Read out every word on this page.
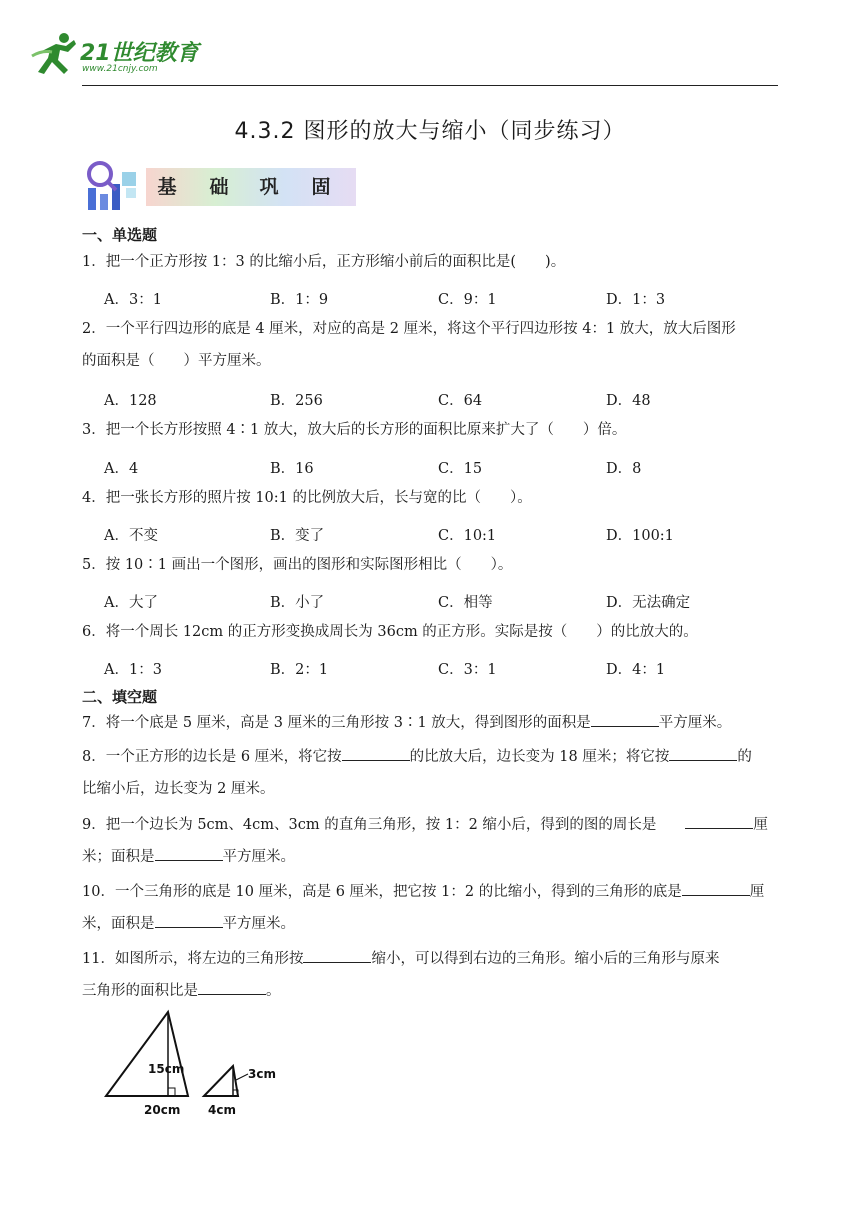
21世纪教育
www.21cnjy.com
4.3.2 图形的放大与缩小（同步练习）
基 础 巩 固
一、单选题
1．把一个正方形按 1：3 的比缩小后，正方形缩小前后的面积比是(　　)。
A．3：1	B．1：9	C．9：1	D．1：3
2．一个平行四边形的底是 4 厘米，对应的高是 2 厘米，将这个平行四边形按 4：1 放大，放大后图形
的面积是（　　）平方厘米。
A．128	B．256	C．64	D．48
3．把一个长方形按照 4∶1 放大，放大后的长方形的面积比原来扩大了（　　）倍。
A．4	B．16	C．15	D．8
4．把一张长方形的照片按 10:1 的比例放大后，长与宽的比（　　）。
A．不变	B．变了	C．10:1	D．100:1
5．按 10∶1 画出一个图形，画出的图形和实际图形相比（　　）。
A．大了	B．小了	C．相等	D．无法确定
6．将一个周长 12cm 的正方形变换成周长为 36cm 的正方形。实际是按（　　）的比放大的。
A．1：3	B．2：1	C．3：1	D．4：1
二、填空题
7．将一个底是 5 厘米，高是 3 厘米的三角形按 3∶1 放大，得到图形的面积是	平方厘米。
8．一个正方形的边长是 6 厘米，将它按	的比放大后，边长变为 18 厘米；将它按	的
比缩小后，边长变为 2 厘米。
9．把一个边长为 5cm、4cm、3cm 的直角三角形，按 1：2 缩小后，得到的图的周长是　　	厘
米；面积是	平方厘米。
10．一个三角形的底是 10 厘米，高是 6 厘米，把它按 1：2 的比缩小，得到的三角形的底是	厘
米，面积是	平方厘米。
11．如图所示，将左边的三角形按	缩小，可以得到右边的三角形。缩小后的三角形与原来
三角形的面积比是	。
15cm
20cm
3cm
4cm
